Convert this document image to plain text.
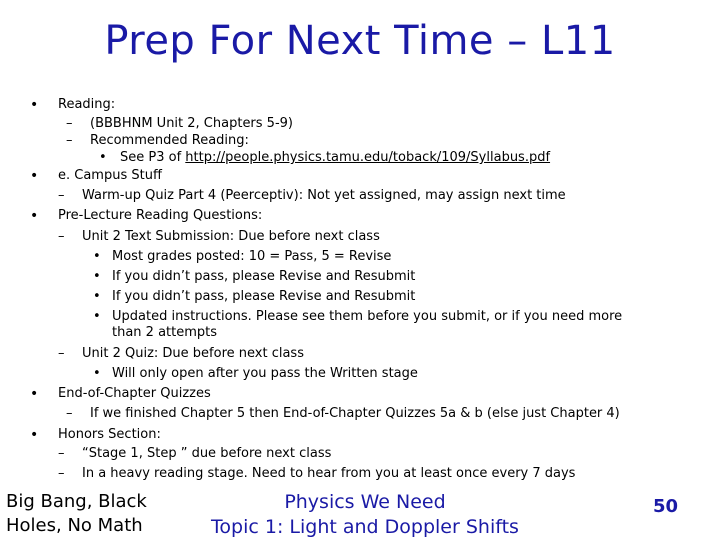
Prep For Next Time – L11
•
•
•
•
•
Reading:
– (BBBHNM Unit 2, Chapters 5-9)
– Recommended Reading:
• See P3 of http://people.physics.tamu.edu/toback/109/Syllabus.pdf
e. Campus Stuff
– Warm-up Quiz Part 4 (Peerceptiv): Not yet assigned, may assign next time
Pre-Lecture Reading Questions:
– Unit 2 Text Submission: Due before next class
• Most grades posted: 10 = Pass, 5 = Revise
• If you didn’t pass, please Revise and Resubmit
• If you didn’t pass, please Revise and Resubmit
• Updated instructions. Please see them before you submit, or if you need more
than 2 attempts
– Unit 2 Quiz: Due before next class
• Will only open after you pass the Written stage
End-of-Chapter Quizzes
– If we finished Chapter 5 then End-of-Chapter Quizzes 5a & b (else just Chapter 4)
Honors Section:
– “Stage 1, Step ” due before next class
– In a heavy reading stage. Need to hear from you at least once every 7 days
Big Bang, Black
Holes, No Math
Physics We Need
Topic 1: Light and Doppler Shifts
50
